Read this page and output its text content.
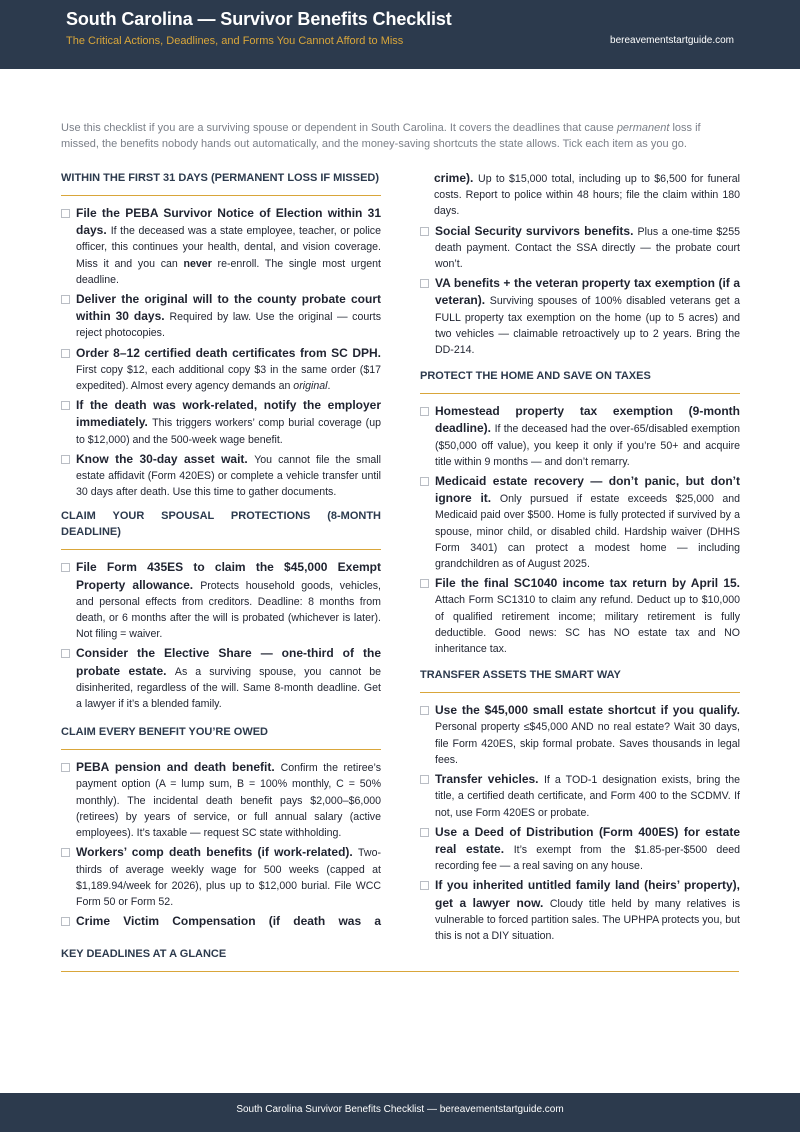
South Carolina — Survivor Benefits Checklist
The Critical Actions, Deadlines, and Forms You Cannot Afford to Miss	bereavementstartguide.com
Use this checklist if you are a surviving spouse or dependent in South Carolina. It covers the deadlines that cause permanent loss if missed, the benefits nobody hands out automatically, and the money-saving shortcuts the state allows. Tick each item as you go.
WITHIN THE FIRST 31 DAYS (PERMANENT LOSS IF MISSED)
File the PEBA Survivor Notice of Election within 31 days. If the deceased was a state employee, teacher, or police officer, this continues your health, dental, and vision coverage. Miss it and you can never re-enroll. The single most urgent deadline.
Deliver the original will to the county probate court within 30 days. Required by law. Use the original — courts reject photocopies.
Order 8–12 certified death certificates from SC DPH. First copy $12, each additional copy $3 in the same order ($17 expedited). Almost every agency demands an original.
If the death was work-related, notify the employer immediately. This triggers workers’ comp burial coverage (up to $12,000) and the 500-week wage benefit.
Know the 30-day asset wait. You cannot file the small estate affidavit (Form 420ES) or complete a vehicle transfer until 30 days after death. Use this time to gather documents.
CLAIM YOUR SPOUSAL PROTECTIONS (8-MONTH DEADLINE)
File Form 435ES to claim the $45,000 Exempt Property allowance. Protects household goods, vehicles, and personal effects from creditors. Deadline: 8 months from death, or 6 months after the will is probated (whichever is later). Not filing = waiver.
Consider the Elective Share — one-third of the probate estate. As a surviving spouse, you cannot be disinherited, regardless of the will. Same 8-month deadline. Get a lawyer if it’s a blended family.
CLAIM EVERY BENEFIT YOU’RE OWED
PEBA pension and death benefit. Confirm the retiree’s payment option (A = lump sum, B = 100% monthly, C = 50% monthly). The incidental death benefit pays $2,000–$6,000 (retirees) by years of service, or full annual salary (active employees). It’s taxable — request SC state withholding.
Workers’ comp death benefits (if work-related). Two-thirds of average weekly wage for 500 weeks (capped at $1,189.94/week for 2026), plus up to $12,000 burial. File WCC Form 50 or Form 52.
Crime Victim Compensation (if death was a
crime). Up to $15,000 total, including up to $6,500 for funeral costs. Report to police within 48 hours; file the claim within 180 days.
Social Security survivors benefits. Plus a one-time $255 death payment. Contact the SSA directly — the probate court won’t.
VA benefits + the veteran property tax exemption (if a veteran). Surviving spouses of 100% disabled veterans get a FULL property tax exemption on the home (up to 5 acres) and two vehicles — claimable retroactively up to 2 years. Bring the DD-214.
PROTECT THE HOME AND SAVE ON TAXES
Homestead property tax exemption (9-month deadline). If the deceased had the over-65/disabled exemption ($50,000 off value), you keep it only if you’re 50+ and acquire title within 9 months — and don’t remarry.
Medicaid estate recovery — don’t panic, but don’t ignore it. Only pursued if estate exceeds $25,000 and Medicaid paid over $500. Home is fully protected if survived by a spouse, minor child, or disabled child. Hardship waiver (DHHS Form 3401) can protect a modest home — including grandchildren as of August 2025.
File the final SC1040 income tax return by April 15. Attach Form SC1310 to claim any refund. Deduct up to $10,000 of qualified retirement income; military retirement is fully deductible. Good news: SC has NO estate tax and NO inheritance tax.
TRANSFER ASSETS THE SMART WAY
Use the $45,000 small estate shortcut if you qualify. Personal property ≤$45,000 AND no real estate? Wait 30 days, file Form 420ES, skip formal probate. Saves thousands in legal fees.
Transfer vehicles. If a TOD-1 designation exists, bring the title, a certified death certificate, and Form 400 to the SCDMV. If not, use Form 420ES or probate.
Use a Deed of Distribution (Form 400ES) for estate real estate. It’s exempt from the $1.85-per-$500 deed recording fee — a real saving on any house.
If you inherited untitled family land (heirs’ property), get a lawyer now. Cloudy title held by many relatives is vulnerable to forced partition sales. The UPHPA protects you, but this is not a DIY situation.
KEY DEADLINES AT A GLANCE
South Carolina Survivor Benefits Checklist — bereavementstartguide.com
